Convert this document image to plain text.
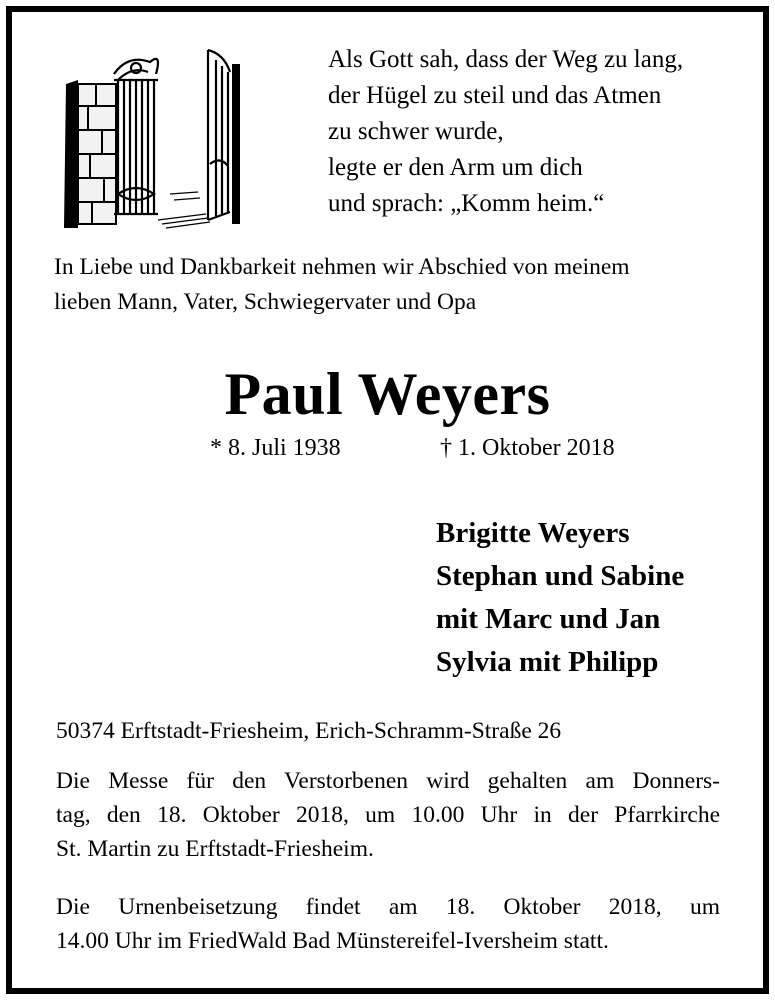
Als Gott sah, dass der Weg zu lang,
der Hügel zu steil und das Atmen
zu schwer wurde,
legte er den Arm um dich
und sprach: „Komm heim.“
In Liebe und Dankbarkeit nehmen wir Abschied von meinem
lieben Mann, Vater, Schwiegervater und Opa
Paul Weyers
* 8. Juli 1938	† 1. Oktober 2018
Brigitte Weyers
Stephan und Sabine
mit Marc und Jan
Sylvia mit Philipp
50374 Erftstadt-Friesheim, Erich-Schramm-Straße 26
Die Messe für den Verstorbenen wird gehalten am Donners-
tag, den 18. Oktober 2018, um 10.00 Uhr in der Pfarrkirche
St. Martin zu Erftstadt-Friesheim.
Die Urnenbeisetzung findet am 18. Oktober 2018, um
14.00 Uhr im FriedWald Bad Münstereifel-Iversheim statt.
